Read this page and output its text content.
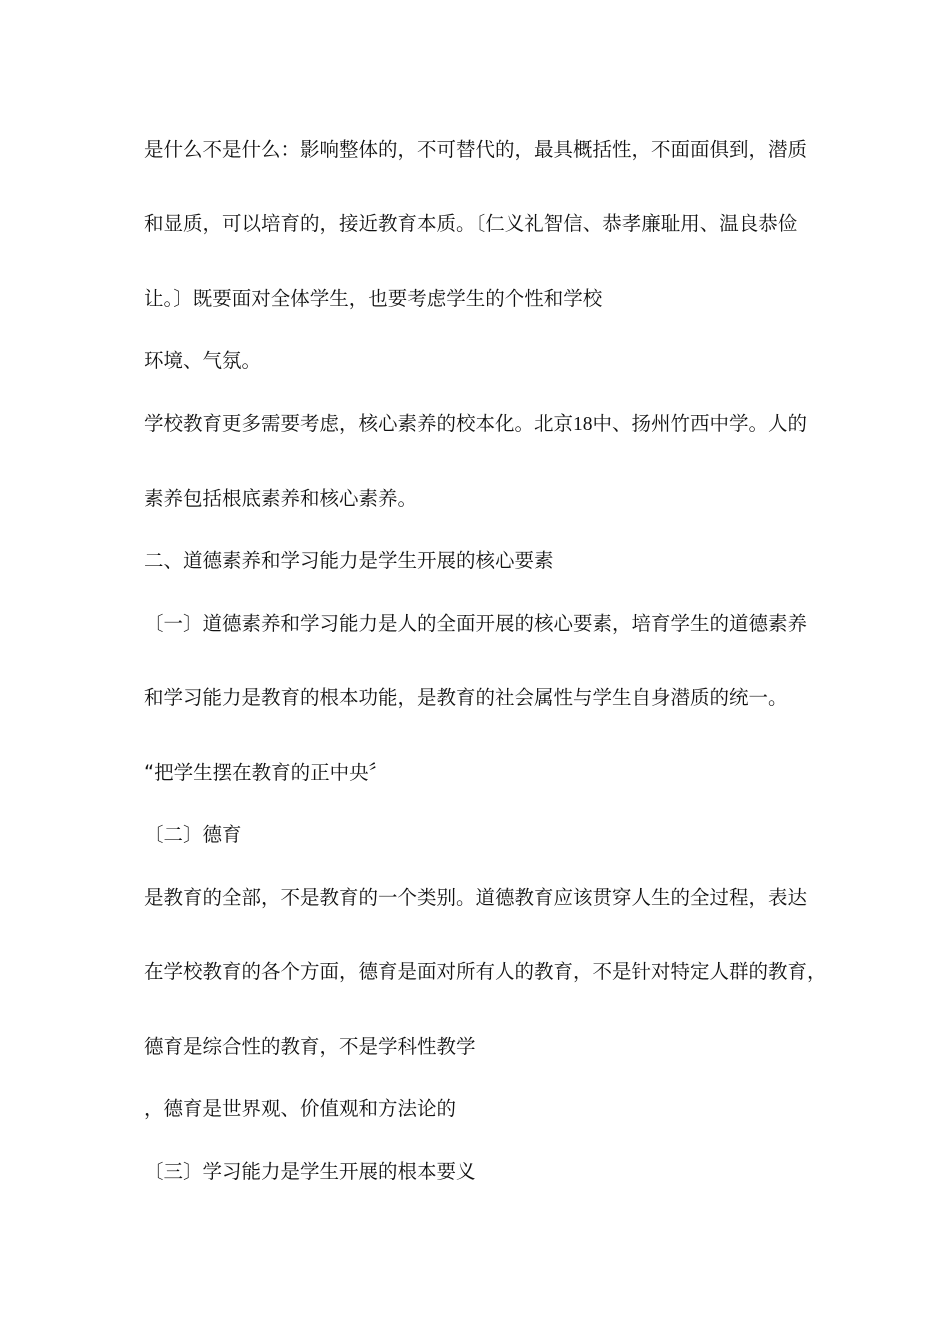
是什么不是什么：影响整体的，不可替代的，最具概括性，不面面俱到，潜质
和显质，可以培育的，接近教育本质。〔仁义礼智信、恭孝廉耻用、温良恭俭
让。〕既要面对全体学生，也要考虑学生的个性和学校
环境、气氛。
学校教育更多需要考虑，核心素养的校本化。北京18中、扬州竹西中学。人的
素养包括根底素养和核心素养。
二、道德素养和学习能力是学生开展的核心要素
〔一〕道德素养和学习能力是人的全面开展的核心要素，培育学生的道德素养
和学习能力是教育的根本功能，是教育的社会属性与学生自身潜质的统一。
“把学生摆在教育的正中央〞
〔二〕德育
是教育的全部，不是教育的一个类别。道德教育应该贯穿人生的全过程，表达
在学校教育的各个方面，德育是面对所有人的教育，不是针对特定人群的教育，
德育是综合性的教育，不是学科性教学
，德育是世界观、价值观和方法论的
〔三〕学习能力是学生开展的根本要义
